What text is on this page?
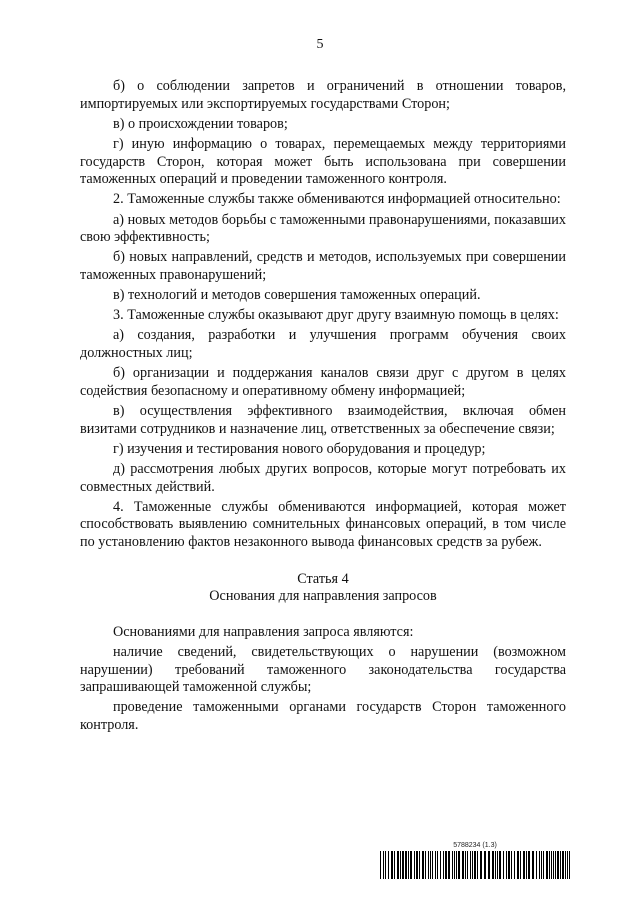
5

б) о соблюдении запретов и ограничений в отношении товаров, импортируемых или экспортируемых государствами Сторон;

в) о происхождении товаров;

г) иную информацию о товарах, перемещаемых между территориями государств Сторон, которая может быть использована при совершении таможенных операций и проведении таможенного контроля.

2. Таможенные службы также обмениваются информацией относительно:

а) новых методов борьбы с таможенными правонарушениями, показавших свою эффективность;

б) новых направлений, средств и методов, используемых при совершении таможенных правонарушений;

в) технологий и методов совершения таможенных операций.

3. Таможенные службы оказывают друг другу взаимную помощь в целях:

а) создания, разработки и улучшения программ обучения своих должностных лиц;

б) организации и поддержания каналов связи друг с другом в целях содействия безопасному и оперативному обмену информацией;

в) осуществления эффективного взаимодействия, включая обмен визитами сотрудников и назначение лиц, ответственных за обеспечение связи;

г) изучения и тестирования нового оборудования и процедур;

д) рассмотрения любых других вопросов, которые могут потребовать их совместных действий.

4. Таможенные службы обмениваются информацией, которая может способствовать выявлению сомнительных финансовых операций, в том числе по установлению фактов незаконного вывода финансовых средств за рубеж.

Статья 4
Основания для направления запросов

Основаниями для направления запроса являются:

наличие сведений, свидетельствующих о нарушении (возможном нарушении) требований таможенного законодательства государства запрашивающей таможенной службы;

проведение таможенными органами государств Сторон таможенного контроля.

5788234 (1.3)
